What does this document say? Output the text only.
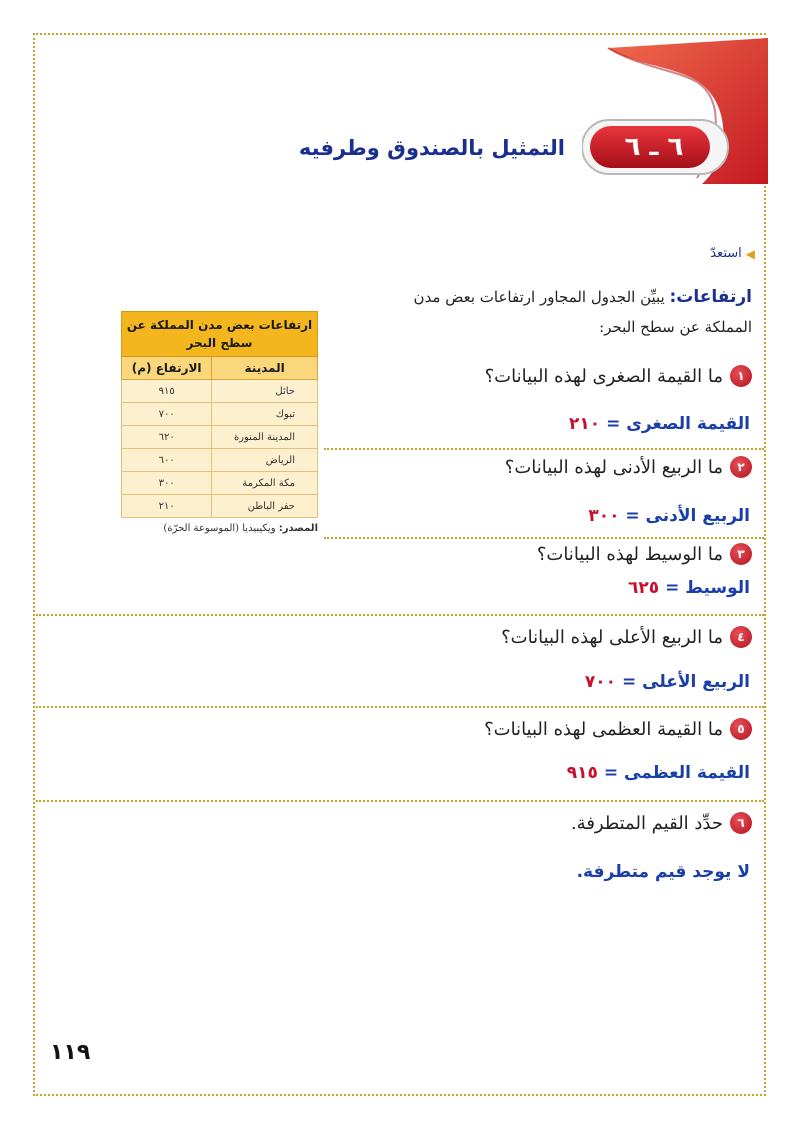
٦ ـ ٦
التمثيل بالصندوق وطرفيه
◀
استعدّ
ارتفاعات: يبيِّن الجدول المجاور ارتفاعات بعض مدن المملكة عن سطح البحر:
ارتفاعات بعض مدن المملكة عن سطح البحر	
المدينة	الارتفاع (م)
حائل	٩١٥
تبوك	٧٠٠
المدينة المنورة	٦٢٠
الرياض	٦٠٠
مكة المكرمة	٣٠٠
حفر الباطن	٢١٠
المصدر: ويكيبيديا (الموسوعة الحرّة)
١
ما القيمة الصغرى لهذه البيانات؟
القيمة الصغرى = ٢١٠
٢
ما الربيع الأدنى لهذه البيانات؟
الربيع الأدنى = ٣٠٠
٣
ما الوسيط لهذه البيانات؟
الوسيط = ٦٢٥
٤
ما الربيع الأعلى لهذه البيانات؟
الربيع الأعلى = ٧٠٠
٥
ما القيمة العظمى لهذه البيانات؟
القيمة العظمى = ٩١٥
٦
حدِّد القيم المتطرفة.
لا يوجد قيم متطرفة.
١١٩
